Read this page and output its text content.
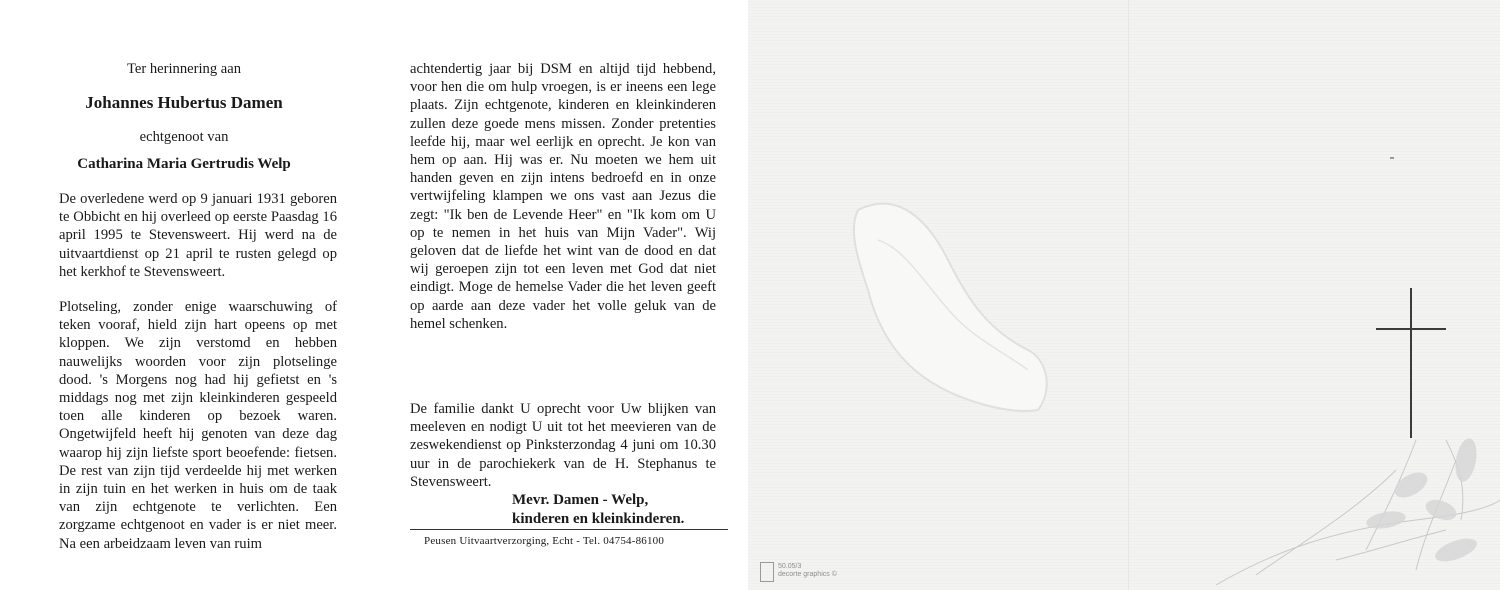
Ter herinnering aan

Johannes Hubertus Damen

echtgenoot van

Catharina Maria Gertrudis Welp

De overledene werd op 9 januari 1931 geboren te Obbicht en hij overleed op eerste Paasdag 16 april 1995 te Stevensweert. Hij werd na de uitvaartdienst op 21 april te rusten gelegd op het kerkhof te Stevensweert.

Plotseling, zonder enige waarschuwing of teken vooraf, hield zijn hart opeens op met kloppen. We zijn verstomd en hebben nauwelijks woorden voor zijn plotselinge dood. 's Morgens nog had hij gefietst en 's middags nog met zijn kleinkinderen gespeeld toen alle kinderen op bezoek waren. Ongetwijfeld heeft hij genoten van deze dag waarop hij zijn liefste sport beoefende: fietsen. De rest van zijn tijd verdeelde hij met werken in zijn tuin en het werken in huis om de taak van zijn echtgenote te verlichten. Een zorgzame echtgenoot en vader is er niet meer. Na een arbeidzaam leven van ruim

achtendertig jaar bij DSM en altijd tijd hebbend, voor hen die om hulp vroegen, is er ineens een lege plaats. Zijn echtgenote, kinderen en kleinkinderen zullen deze goede mens missen. Zonder pretenties leefde hij, maar wel eerlijk en oprecht. Je kon van hem op aan. Hij was er. Nu moeten we hem uit handen geven en zijn intens bedroefd en in onze vertwijfeling klampen we ons vast aan Jezus die zegt: "Ik ben de Levende Heer" en "Ik kom om U op te nemen in het huis van Mijn Vader". Wij geloven dat de liefde het wint van de dood en dat wij geroepen zijn tot een leven met God dat niet eindigt. Moge de hemelse Vader die het leven geeft op aarde aan deze vader het volle geluk van de hemel schenken.

De familie dankt U oprecht voor Uw blijken van meeleven en nodigt U uit tot het meevieren van de zeswekendienst op Pinksterzondag 4 juni om 10.30 uur in de parochiekerk van de H. Stephanus te Stevensweert.

Mevr. Damen - Welp,

kinderen en kleinkinderen.

Peusen Uitvaartverzorging, Echt - Tel. 04754-86100
50.05/3
decorte graphics ©
